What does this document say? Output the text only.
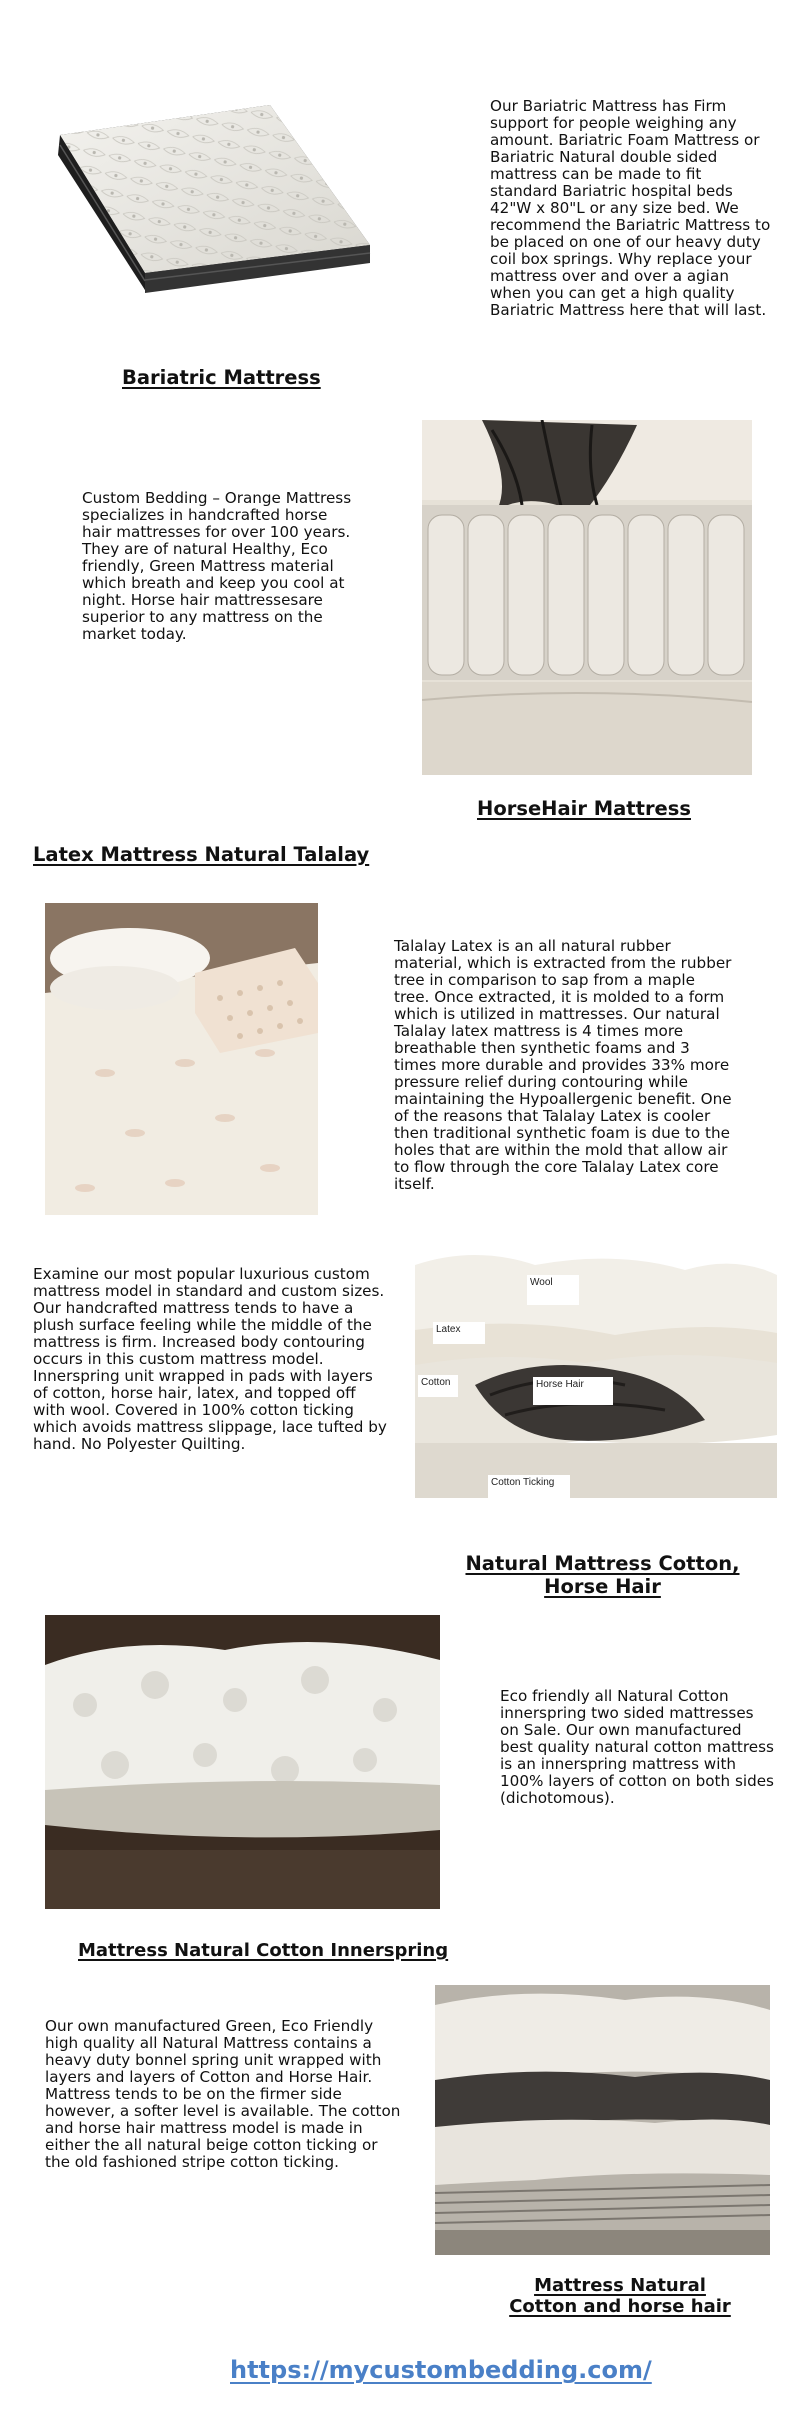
Our Bariatric Mattress has Firm support for people weighing any amount. Bariatric Foam Mattress or Bariatric Natural double sided mattress can be made to fit standard Bariatric hospital beds 42"W x 80"L or any size bed. We recommend the Bariatric Mattress to be placed on one of our heavy duty coil box springs. Why replace your mattress over and over a agian when you can get a high quality Bariatric Mattress here that will last.

Bariatric Mattress

Custom Bedding – Orange Mattress specializes in handcrafted horse hair mattresses for over 100 years. They are of natural Healthy, Eco friendly, Green Mattress material which breath and keep you cool at night. Horse hair mattressesare superior to any mattress on the market today.

HorseHair Mattress
Latex Mattress Natural Talalay

Talalay Latex is an all natural rubber material, which is extracted from the rubber tree in comparison to sap from a maple tree. Once extracted, it is molded to a form which is utilized in mattresses. Our natural Talalay latex mattress is 4 times more breathable then synthetic foams and 3 times more durable and provides 33% more pressure relief during contouring while maintaining the Hypoallergenic benefit. One of the reasons that Talalay Latex is cooler then traditional synthetic foam is due to the holes that are within the mold that allow air to flow through the core Talalay Latex core itself.

Examine our most popular luxurious custom mattress model in standard and custom sizes. Our handcrafted mattress tends to have a plush surface feeling while the middle of the mattress is firm. Increased body contouring occurs in this custom mattress model. Innerspring unit wrapped in pads with layers of cotton, horse hair, latex, and topped off with wool. Covered in 100% cotton ticking which avoids mattress slippage, lace tufted by hand. No Polyester Quilting.

Wool
Latex
Cotton	Horse Hair
Cotton Ticking
Natural Mattress Cotton, Horse Hair

Eco friendly all Natural Cotton innerspring two sided mattresses on Sale. Our own manufactured best quality natural cotton mattress is an innerspring mattress with 100% layers of cotton on both sides (dichotomous).

Mattress Natural Cotton Innerspring

Our own manufactured Green, Eco Friendly high quality all Natural Mattress contains a heavy duty bonnel spring unit wrapped with layers and layers of Cotton and Horse Hair. Mattress tends to be on the firmer side however, a softer level is available. The cotton and horse hair mattress model is made in either the all natural beige cotton ticking or the old fashioned stripe cotton ticking.

Mattress Natural Cotton and horse hair
https://mycustombedding.com/
